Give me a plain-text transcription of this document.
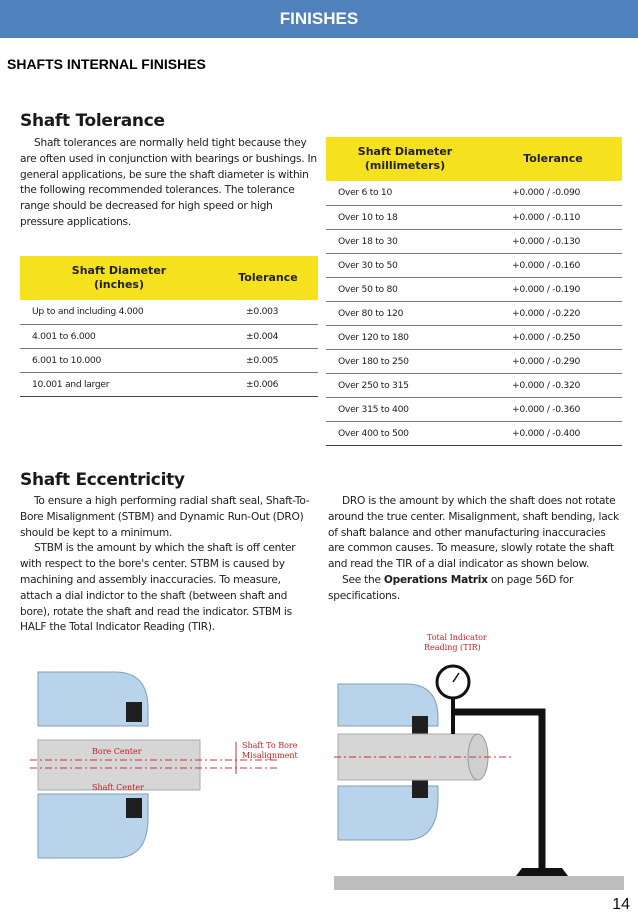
FINISHES
SHAFTS INTERNAL FINISHES
Shaft Tolerance

Shaft tolerances are normally held tight because they are often used in conjunction with bearings or bushings. In general applications, be sure the shaft diameter is within the following recommended tolerances. The tolerance range should be decreased for high speed or high pressure applications.

Shaft Diameter
(inches)	Tolerance
Up to and including 4.000	±0.003
4.001 to 6.000	±0.004
6.001 to 10.000	±0.005
10.001 and larger	±0.006
Shaft Diameter
(millimeters)	Tolerance
Over 6 to 10	+0.000 / -0.090
Over 10 to 18	+0.000 / -0.110
Over 18 to 30	+0.000 / -0.130
Over 30 to 50	+0.000 / -0.160
Over 50 to 80	+0.000 / -0.190
Over 80 to 120	+0.000 / -0.220
Over 120 to 180	+0.000 / -0.250
Over 180 to 250	+0.000 / -0.290
Over 250 to 315	+0.000 / -0.320
Over 315 to 400	+0.000 / -0.360
Over 400 to 500	+0.000 / -0.400
Shaft Eccentricity

To ensure a high performing radial shaft seal, Shaft-To-Bore Misalignment (STBM) and Dynamic Run-Out (DRO) should be kept to a minimum.

STBM is the amount by which the shaft is off center with respect to the bore's center. STBM is caused by machining and assembly inaccuracies. To measure, attach a dial indictor to the shaft (between shaft and bore), rotate the shaft and read the indicator. STBM is HALF the Total Indicator Reading (TIR).

DRO is the amount by which the shaft does not rotate around the true center. Misalignment, shaft bending, lack of shaft balance and other manufacturing inaccuracies are common causes. To measure, slowly rotate the shaft and read the TIR of a dial indicator as shown below.

See the Operations Matrix on page 56D for specifications.

Bore Center
Shaft Center
Shaft To Bore
Misalignment
Total Indicator
Reading (TIR)
14
